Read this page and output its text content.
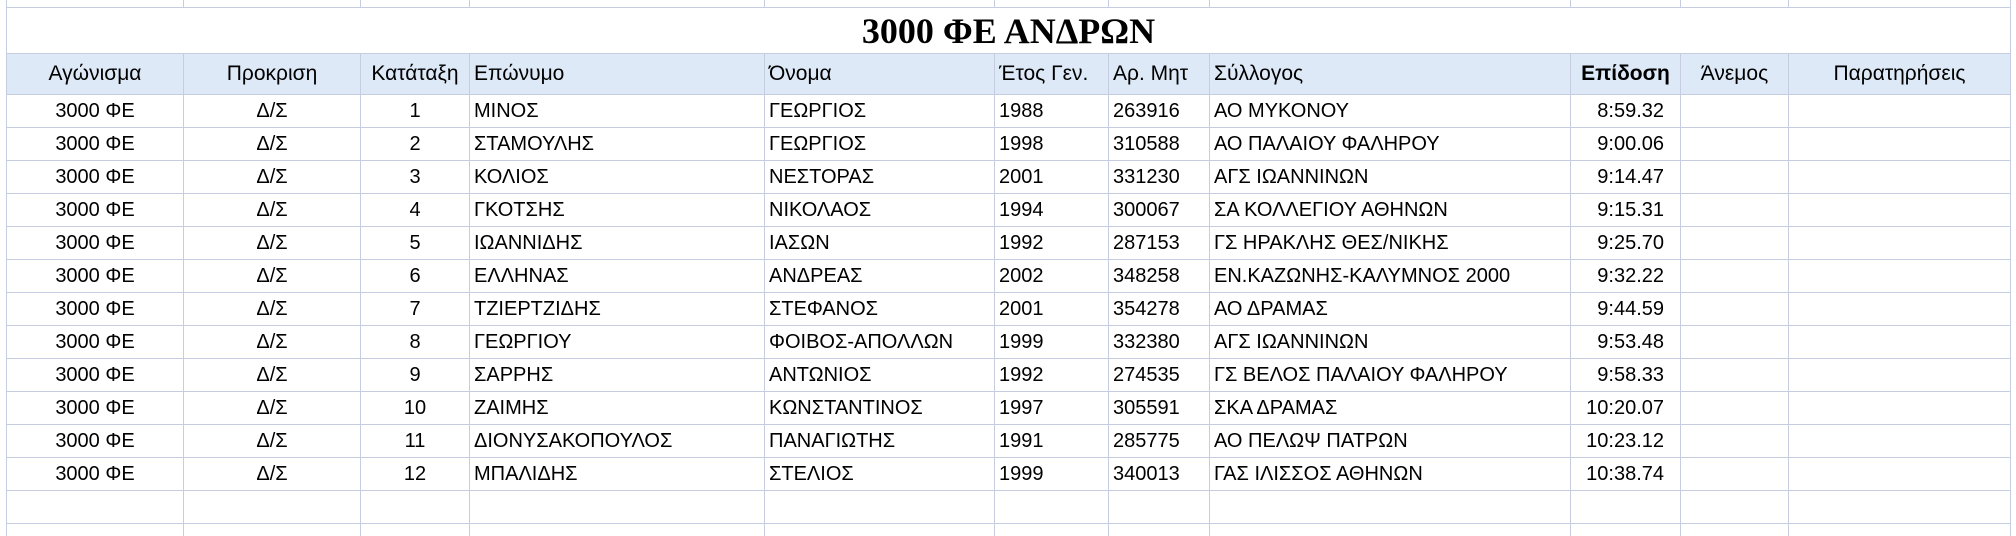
3000 ΦΕ ΑΝΔΡΩΝ										
Αγώνισμα	Προκριση	Κατάταξη	Επώνυμο	Όνομα	Έτος Γεν.	Αρ. Μητ	Σύλλογος	Επίδοση	Άνεμος	Παρατηρήσεις
3000 ΦΕ	Δ/Σ	1	ΜΙΝΟΣ	ΓΕΩΡΓΙΟΣ	1988	263916	ΑΟ ΜΥΚΟΝΟΥ	8:59.32		
3000 ΦΕ	Δ/Σ	2	ΣΤΑΜΟΥΛΗΣ	ΓΕΩΡΓΙΟΣ	1998	310588	ΑΟ ΠΑΛΑΙΟΥ ΦΑΛΗΡΟΥ	9:00.06		
3000 ΦΕ	Δ/Σ	3	ΚΟΛΙΟΣ	ΝΕΣΤΟΡΑΣ	2001	331230	ΑΓΣ ΙΩΑΝΝΙΝΩΝ	9:14.47		
3000 ΦΕ	Δ/Σ	4	ΓΚΟΤΣΗΣ	ΝΙΚΟΛΑΟΣ	1994	300067	ΣΑ ΚΟΛΛΕΓΙΟΥ ΑΘΗΝΩΝ	9:15.31		
3000 ΦΕ	Δ/Σ	5	ΙΩΑΝΝΙΔΗΣ	ΙΑΣΩΝ	1992	287153	ΓΣ ΗΡΑΚΛΗΣ ΘΕΣ/ΝΙΚΗΣ	9:25.70		
3000 ΦΕ	Δ/Σ	6	ΕΛΛΗΝΑΣ	ΑΝΔΡΕΑΣ	2002	348258	ΕΝ.ΚΑΖΩΝΗΣ-ΚΑΛΥΜΝΟΣ 2000	9:32.22		
3000 ΦΕ	Δ/Σ	7	ΤΖΙΕΡΤΖΙΔΗΣ	ΣΤΕΦΑΝΟΣ	2001	354278	ΑΟ ΔΡΑΜΑΣ	9:44.59		
3000 ΦΕ	Δ/Σ	8	ΓΕΩΡΓΙΟΥ	ΦΟΙΒΟΣ-ΑΠΟΛΛΩΝ	1999	332380	ΑΓΣ ΙΩΑΝΝΙΝΩΝ	9:53.48		
3000 ΦΕ	Δ/Σ	9	ΣΑΡΡΗΣ	ΑΝΤΩΝΙΟΣ	1992	274535	ΓΣ ΒΕΛΟΣ ΠΑΛΑΙΟΥ ΦΑΛΗΡΟΥ	9:58.33		
3000 ΦΕ	Δ/Σ	10	ΖΑΙΜΗΣ	ΚΩΝΣΤΑΝΤΙΝΟΣ	1997	305591	ΣΚΑ ΔΡΑΜΑΣ	10:20.07		
3000 ΦΕ	Δ/Σ	11	ΔΙΟΝΥΣΑΚΟΠΟΥΛΟΣ	ΠΑΝΑΓΙΩΤΗΣ	1991	285775	ΑΟ ΠΕΛΩΨ ΠΑΤΡΩΝ	10:23.12		
3000 ΦΕ	Δ/Σ	12	ΜΠΑΛΙΔΗΣ	ΣΤΕΛΙΟΣ	1999	340013	ΓΑΣ ΙΛΙΣΣΟΣ ΑΘΗΝΩΝ	10:38.74		
